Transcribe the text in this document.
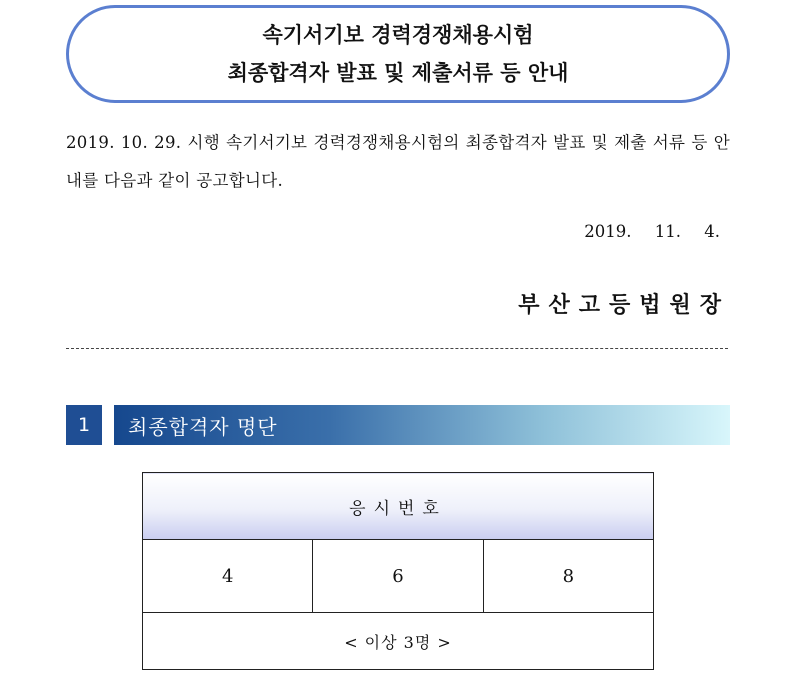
속기서기보 경력경쟁채용시험
최종합격자 발표 및 제출서류 등 안내

2019. 10. 29. 시행 속기서기보 경력경쟁채용시험의 최종합격자 발표 및 제출 서류 등 안내를 다음과 같이 공고합니다.

2019. 11. 4.
부산고등법원장
1	최종합격자 명단
응시번호
4	6	8
< 이상 3명 >
